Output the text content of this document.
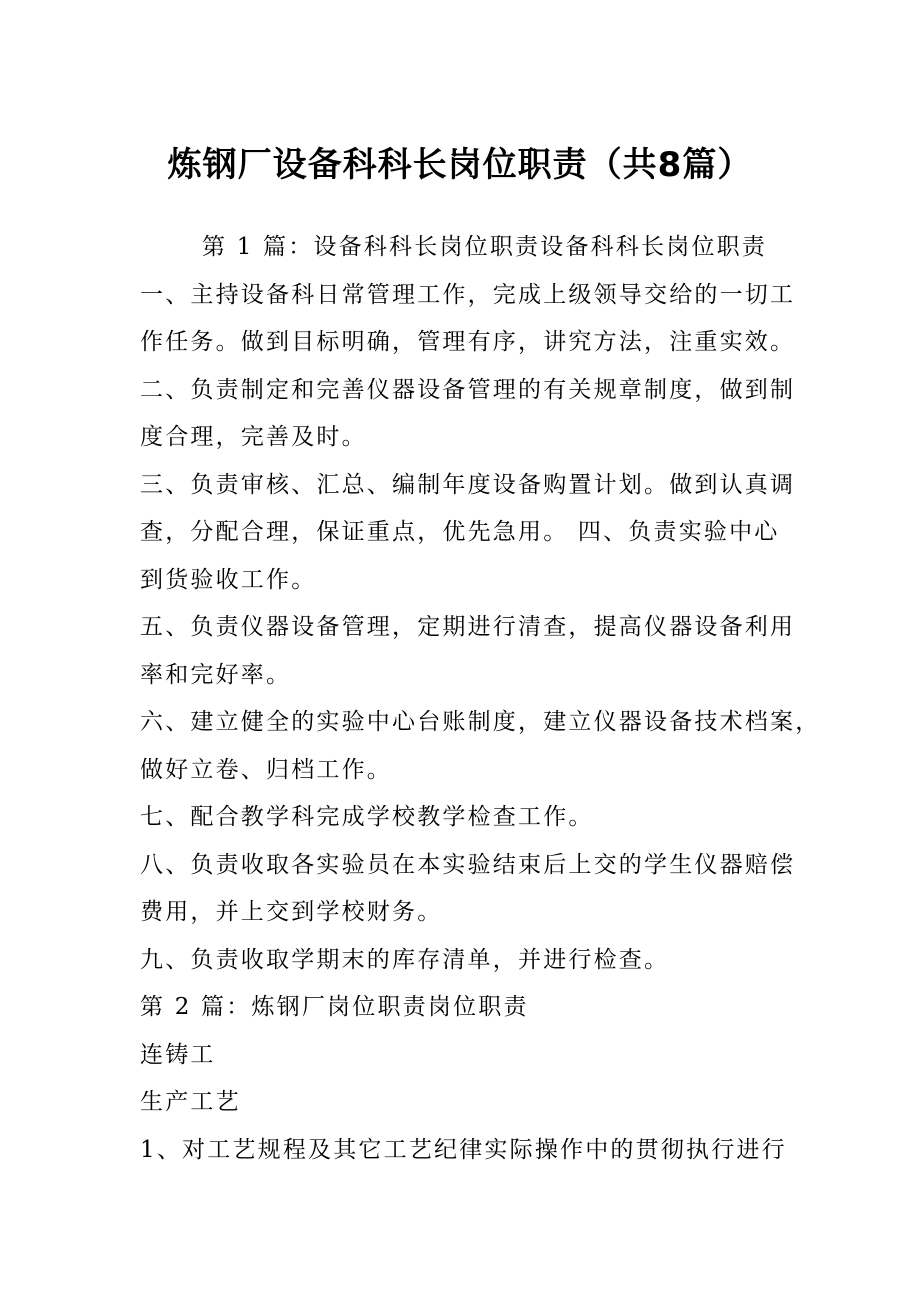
炼钢厂设备科科长岗位职责（共8篇）
第 1 篇：设备科科长岗位职责设备科科长岗位职责
一、主持设备科日常管理工作，完成上级领导交给的一切工
作任务。做到目标明确，管理有序，讲究方法，注重实效。
二、负责制定和完善仪器设备管理的有关规章制度，做到制
度合理，完善及时。
三、负责审核、汇总、编制年度设备购置计划。做到认真调
查，分配合理，保证重点，优先急用。 四、负责实验中心
到货验收工作。
五、负责仪器设备管理，定期进行清查，提高仪器设备利用
率和完好率。
六、建立健全的实验中心台账制度，建立仪器设备技术档案，
做好立卷、归档工作。
七、配合教学科完成学校教学检查工作。
八、负责收取各实验员在本实验结束后上交的学生仪器赔偿
费用，并上交到学校财务。
九、负责收取学期末的库存清单，并进行检查。
第 2 篇：炼钢厂岗位职责岗位职责
连铸工
生产工艺
1、对工艺规程及其它工艺纪律实际操作中的贯彻执行进行
